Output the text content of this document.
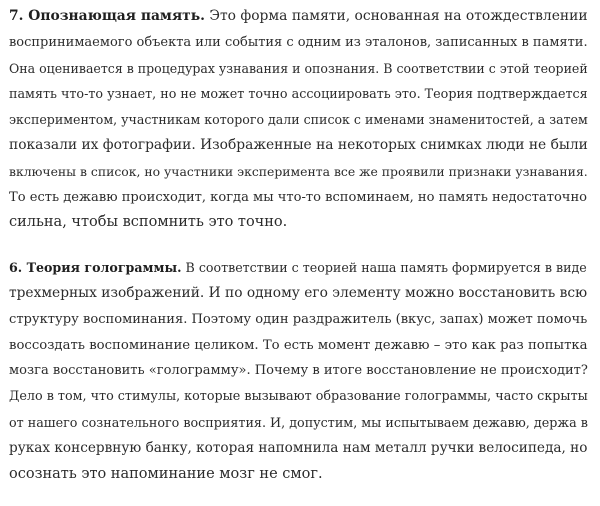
7. Опознающая память. Это форма памяти, основанная на отождествлении
воспринимаемого объекта или события с одним из эталонов, записанных в памяти.
Она оценивается в процедурах узнавания и опознания. В соответствии с этой теорией
память что-то узнает, но не может точно ассоциировать это. Теория подтверждается
экспериментом, участникам которого дали список с именами знаменитостей, а затем
показали их фотографии. Изображенные на некоторых снимках люди не были
включены в список, но участники эксперимента все же проявили признаки узнавания.
То есть дежавю происходит, когда мы что-то вспоминаем, но память недостаточно
сильна, чтобы вспомнить это точно.

6. Теория голограммы. В соответствии с теорией наша память формируется в виде
трехмерных изображений. И по одному его элементу можно восстановить всю
структуру воспоминания. Поэтому один раздражитель (вкус, запах) может помочь
воссоздать воспоминание целиком. То есть момент дежавю – это как раз попытка
мозга восстановить «голограмму». Почему в итоге восстановление не происходит?
Дело в том, что стимулы, которые вызывают образование голограммы, часто скрыты
от нашего сознательного восприятия. И, допустим, мы испытываем дежавю, держа в
руках консервную банку, которая напомнила нам металл ручки велосипеда, но
осознать это напоминание мозг не смог.
